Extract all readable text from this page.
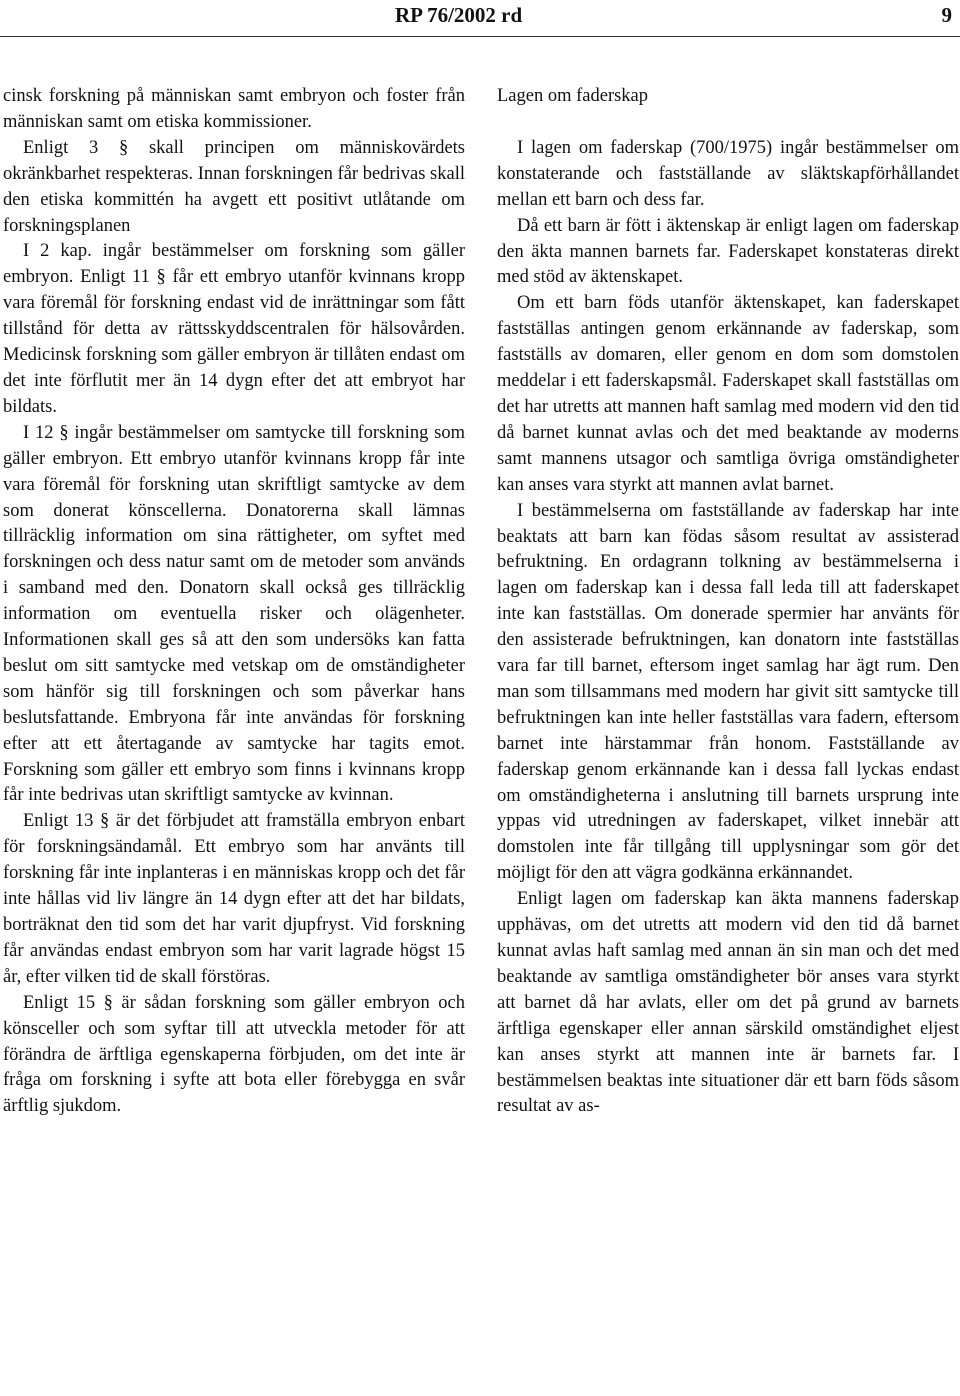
RP 76/2002 rd	9

cinsk forskning på människan samt embryon och foster från människan samt om etiska kommissioner.

Enligt 3 § skall principen om människovärdets okränkbarhet respekteras. Innan forskningen får bedrivas skall den etiska kommittén ha avgett ett positivt utlåtande om forskningsplanen

I 2 kap. ingår bestämmelser om forskning som gäller embryon. Enligt 11 § får ett embryo utanför kvinnans kropp vara föremål för forskning endast vid de inrättningar som fått tillstånd för detta av rättsskyddscentralen för hälsovården. Medicinsk forskning som gäller embryon är tillåten endast om det inte förflutit mer än 14 dygn efter det att embryot har bildats.

I 12 § ingår bestämmelser om samtycke till forskning som gäller embryon. Ett embryo utanför kvinnans kropp får inte vara föremål för forskning utan skriftligt samtycke av dem som donerat könscellerna. Donatorerna skall lämnas tillräcklig information om sina rättigheter, om syftet med forskningen och dess natur samt om de metoder som används i samband med den. Donatorn skall också ges tillräcklig information om eventuella risker och olägenheter. Informationen skall ges så att den som undersöks kan fatta beslut om sitt samtycke med vetskap om de omständigheter som hänför sig till forskningen och som påverkar hans beslutsfattande. Embryona får inte användas för forskning efter att ett återtagande av samtycke har tagits emot. Forskning som gäller ett embryo som finns i kvinnans kropp får inte bedrivas utan skriftligt samtycke av kvinnan.

Enligt 13 § är det förbjudet att framställa embryon enbart för forskningsändamål. Ett embryo som har använts till forskning får inte inplanteras i en människas kropp och det får inte hållas vid liv längre än 14 dygn efter att det har bildats, borträknat den tid som det har varit djupfryst. Vid forskning får användas endast embryon som har varit lagrade högst 15 år, efter vilken tid de skall förstöras.

Enligt 15 § är sådan forskning som gäller embryon och könsceller och som syftar till att utveckla metoder för att förändra de ärftliga egenskaperna förbjuden, om det inte är fråga om forskning i syfte att bota eller förebygga en svår ärftlig sjukdom.

Lagen om faderskap

I lagen om faderskap (700/1975) ingår bestämmelser om konstaterande och fastställande av släktskapförhållandet mellan ett barn och dess far.

Då ett barn är fött i äktenskap är enligt lagen om faderskap den äkta mannen barnets far. Faderskapet konstateras direkt med stöd av äktenskapet.

Om ett barn föds utanför äktenskapet, kan faderskapet fastställas antingen genom erkännande av faderskap, som fastställs av domaren, eller genom en dom som domstolen meddelar i ett faderskapsmål. Faderskapet skall fastställas om det har utretts att mannen haft samlag med modern vid den tid då barnet kunnat avlas och det med beaktande av moderns samt mannens utsagor och samtliga övriga omständigheter kan anses vara styrkt att mannen avlat barnet.

I bestämmelserna om fastställande av faderskap har inte beaktats att barn kan födas såsom resultat av assisterad befruktning. En ordagrann tolkning av bestämmelserna i lagen om faderskap kan i dessa fall leda till att faderskapet inte kan fastställas. Om donerade spermier har använts för den assisterade befruktningen, kan donatorn inte fastställas vara far till barnet, eftersom inget samlag har ägt rum. Den man som tillsammans med modern har givit sitt samtycke till befruktningen kan inte heller fastställas vara fadern, eftersom barnet inte härstammar från honom. Fastställande av faderskap genom erkännande kan i dessa fall lyckas endast om omständigheterna i anslutning till barnets ursprung inte yppas vid utredningen av faderskapet, vilket innebär att domstolen inte får tillgång till upplysningar som gör det möjligt för den att vägra godkänna erkännandet.

Enligt lagen om faderskap kan äkta mannens faderskap upphävas, om det utretts att modern vid den tid då barnet kunnat avlas haft samlag med annan än sin man och det med beaktande av samtliga omständigheter bör anses vara styrkt att barnet då har avlats, eller om det på grund av barnets ärftliga egenskaper eller annan särskild omständighet eljest kan anses styrkt att mannen inte är barnets far. I bestämmelsen beaktas inte situationer där ett barn föds såsom resultat av as-
